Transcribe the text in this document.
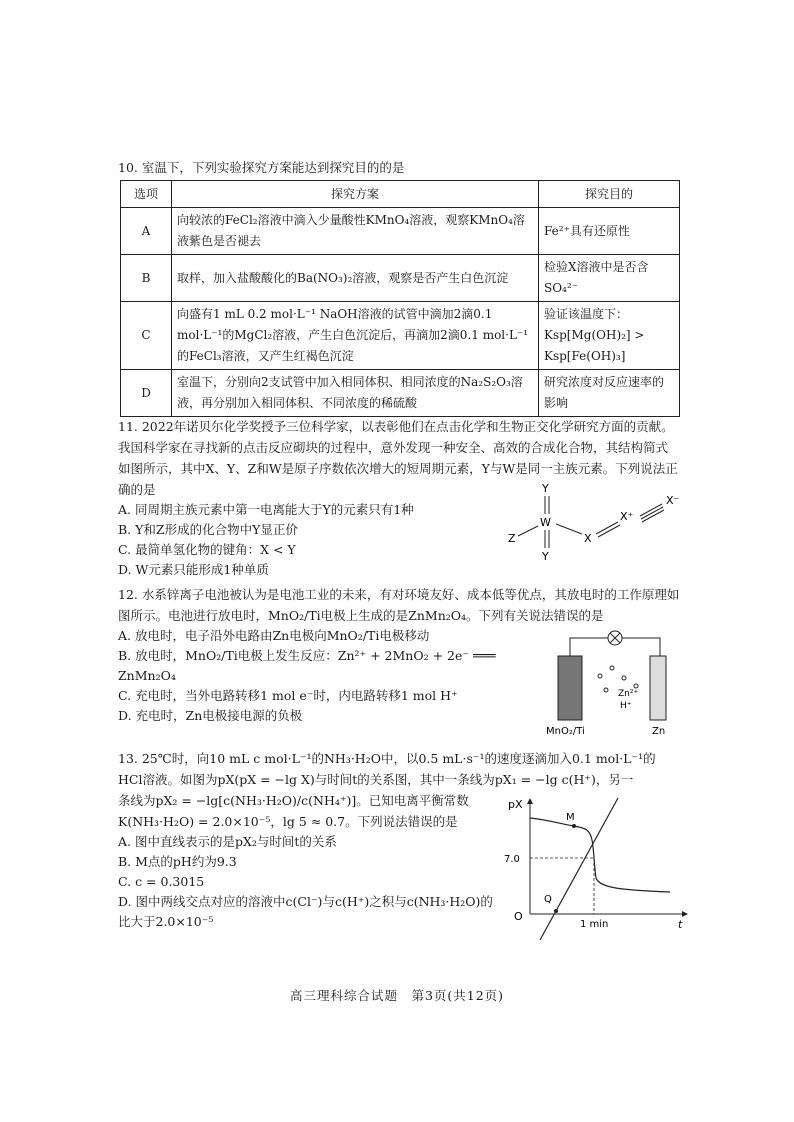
10. 室温下，下列实验探究方案能达到探究目的的是
选项	探究方案	探究目的
A	向较浓的FeCl₂溶液中滴入少量酸性KMnO₄溶液，观察KMnO₄溶液紫色是否褪去	Fe²⁺具有还原性
B	取样，加入盐酸酸化的Ba(NO₃)₂溶液，观察是否产生白色沉淀	检验X溶液中是否含SO₄²⁻
C	向盛有1 mL 0.2 mol·L⁻¹ NaOH溶液的试管中滴加2滴0.1 mol·L⁻¹的MgCl₂溶液，产生白色沉淀后，再滴加2滴0.1 mol·L⁻¹的FeCl₃溶液，又产生红褐色沉淀	验证该温度下：Ksp[Mg(OH)₂] > Ksp[Fe(OH)₃]
D	室温下，分别向2支试管中加入相同体积、相同浓度的Na₂S₂O₃溶液，再分别加入相同体积、不同浓度的稀硫酸	研究浓度对反应速率的影响
11. 2022年诺贝尔化学奖授予三位科学家，以表彰他们在点击化学和生物正交化学研究方面的贡献。我国科学家在寻找新的点击反应砌块的过程中，意外发现一种安全、高效的合成化合物，其结构简式如图所示，其中X、Y、Z和W是原子序数依次增大的短周期元素，Y与W是同一主族元素。下列说法正确的是
A. 同周期主族元素中第一电离能大于Y的元素只有1种
B. Y和Z形成的化合物中Y显正价
C. 最简单氢化物的键角：X < Y
D. W元素只能形成1种单质
Y
W
Y
Z	X
X⁺
X⁻
12. 水系锌离子电池被认为是电池工业的未来，有对环境友好、成本低等优点，其放电时的工作原理如图所示。电池进行放电时，MnO₂/Ti电极上生成的是ZnMn₂O₄。下列有关说法错误的是
A. 放电时，电子沿外电路由Zn电极向MnO₂/Ti电极移动
B. 放电时，MnO₂/Ti电极上发生反应：Zn²⁺ + 2MnO₂ + 2e⁻ ═══ ZnMn₂O₄
C. 充电时，当外电路转移1 mol e⁻时，内电路转移1 mol H⁺
D. 充电时，Zn电极接电源的负极
Zn²⁺
H⁺
MnO₂/Ti	Zn
13. 25℃时，向10 mL c mol·L⁻¹的NH₃·H₂O中，以0.5 mL·s⁻¹的速度逐滴加入0.1 mol·L⁻¹的
HCl溶液。如图为pX(pX = −lg X)与时间t的关系图，其中一条线为pX₁ = −lg c(H⁺)，另一
条线为pX₂ = −lg[c(NH₃·H₂O)/c(NH₄⁺)]。已知电离平衡常数
K(NH₃·H₂O) = 2.0×10⁻⁵，lg 5 ≈ 0.7。下列说法错误的是
A. 图中直线表示的是pX₂与时间t的关系
B. M点的pH约为9.3
C. c = 0.3015
D. 图中两线交点对应的溶液中c(Cl⁻)与c(H⁺)之积与c(NH₃·H₂O)的比大于2.0×10⁻⁵
pX
t
O
7.0
1 min
M
Q
高三理科综合试题　第3页(共12页)
